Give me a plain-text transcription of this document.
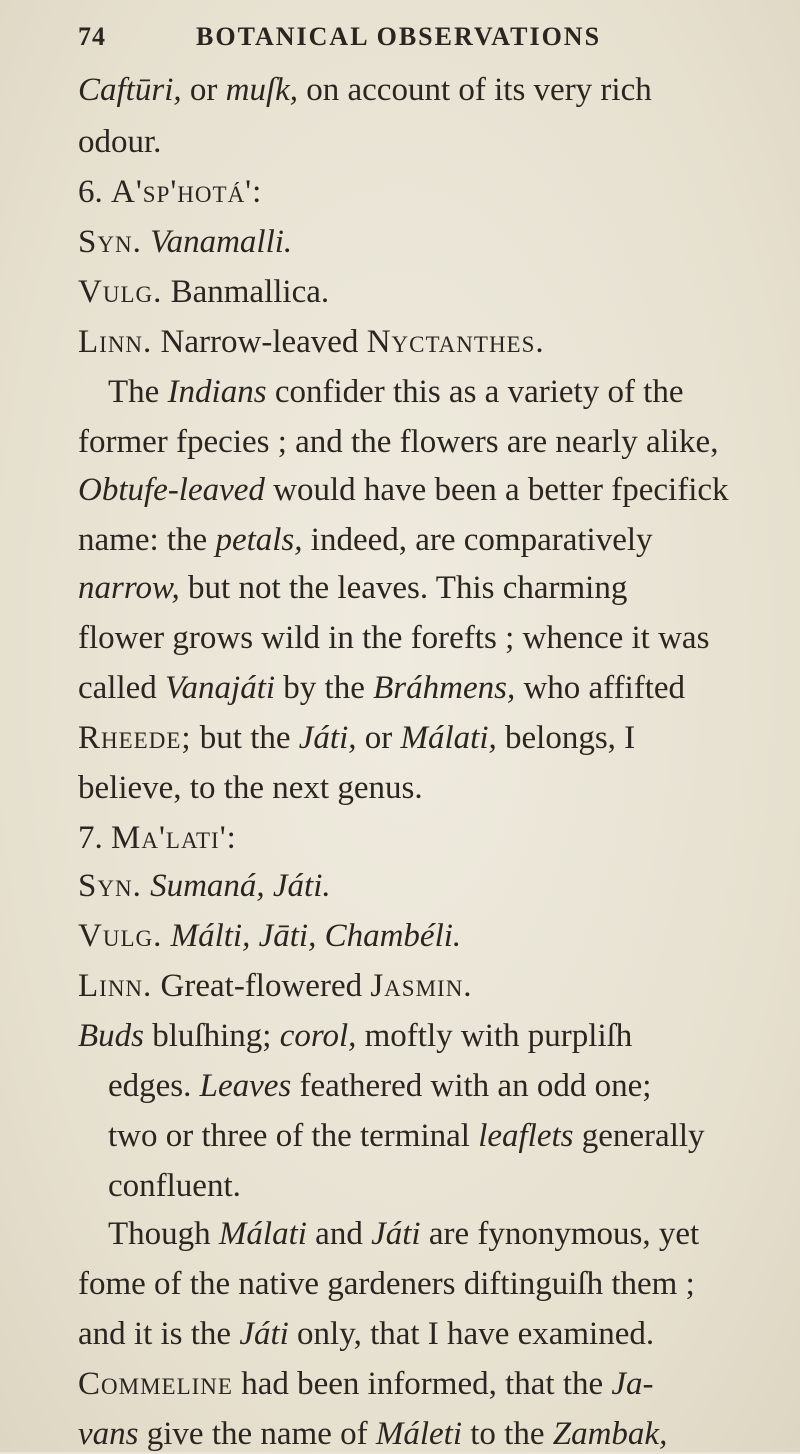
74	BOTANICAL OBSERVATIONS
Caftūri, or muſk, on account of its very rich
odour.
6. A'sp'hotá':
Syn. Vanamalli.
Vulg. Banmallica.
Linn. Narrow-leaved Nyctanthes.
The Indians confider this as a variety of the
former fpecies ; and the flowers are nearly alike,
Obtufe-leaved would have been a better fpecifick
name: the petals, indeed, are comparatively
narrow, but not the leaves. This charming
flower grows wild in the forefts ; whence it was
called Vanajáti by the Bráhmens, who affifted
Rheede; but the Játi, or Málati, belongs, I
believe, to the next genus.
7. Ma'lati':
Syn. Sumaná, Játi.
Vulg. Málti, Jāti, Chambéli.
Linn. Great-flowered Jasmin.
Buds bluſhing; corol, moftly with purpliſh
edges. Leaves feathered with an odd one;
two or three of the terminal leaflets generally
confluent.
Though Málati and Játi are fynonymous, yet
fome of the native gardeners diftinguiſh them ;
and it is the Játi only, that I have examined.
Commeline had been informed, that the Ja-
vans give the name of Máleti to the Zambak,
